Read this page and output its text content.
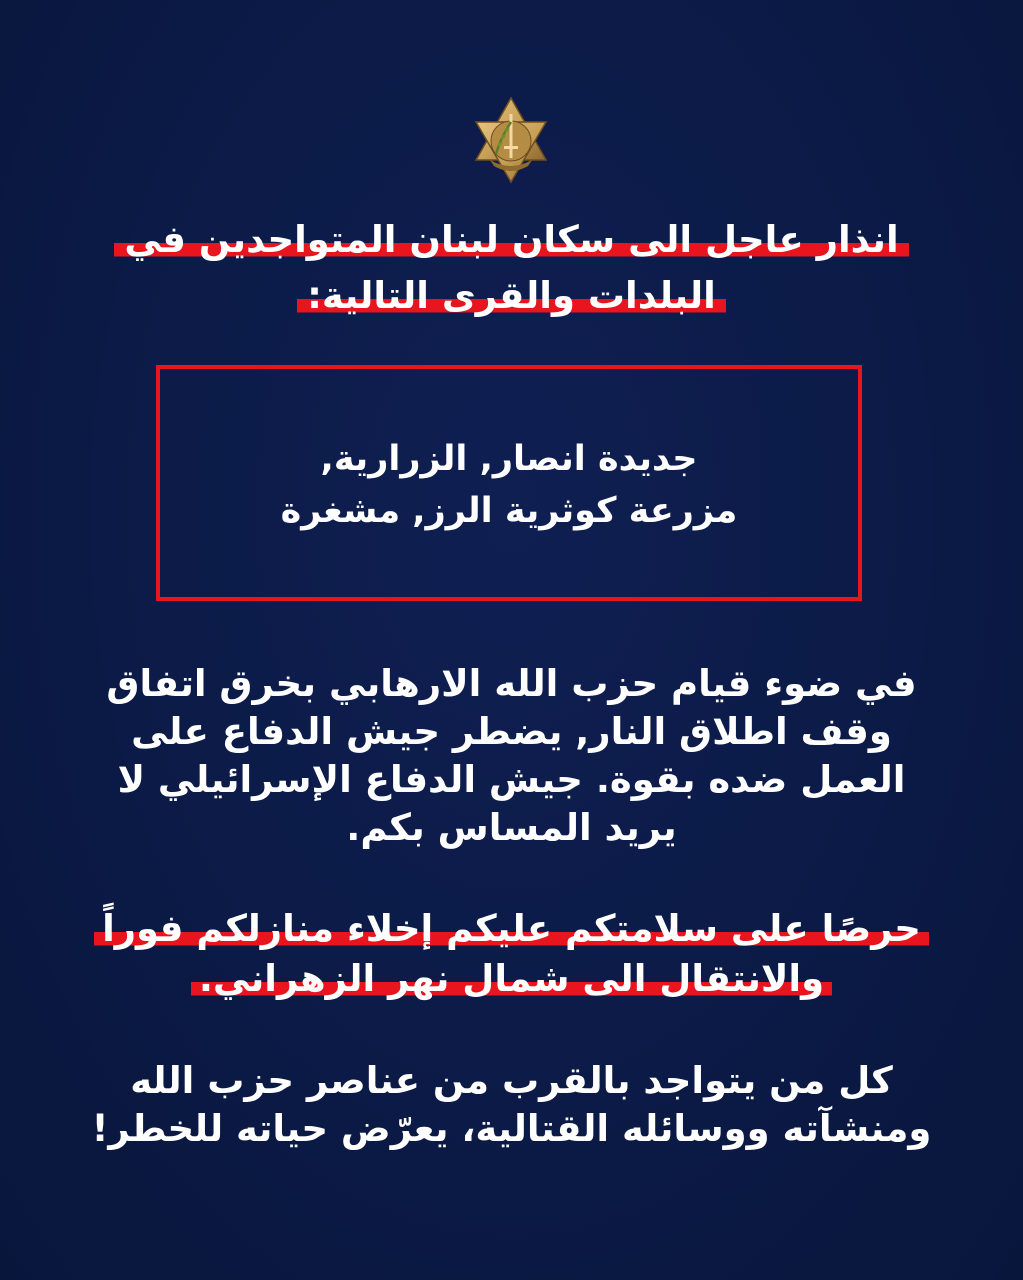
انذار عاجل الى سكان لبنان المتواجدين في
البلدات والقرى التالية:
جديدة انصار, الزرارية,
مزرعة كوثرية الرز, مشغرة
في ضوء قيام حزب الله الارهابي بخرق اتفاق
وقف اطلاق النار, يضطر جيش الدفاع على
العمل ضده بقوة. جيش الدفاع الإسرائيلي لا
يريد المساس بكم.
حرصًا على سلامتكم عليكم إخلاء منازلكم فوراً
والانتقال الى شمال نهر الزهراني.
كل من يتواجد بالقرب من عناصر حزب الله
ومنشآته ووسائله القتالية، يعرّض حياته للخطر!
